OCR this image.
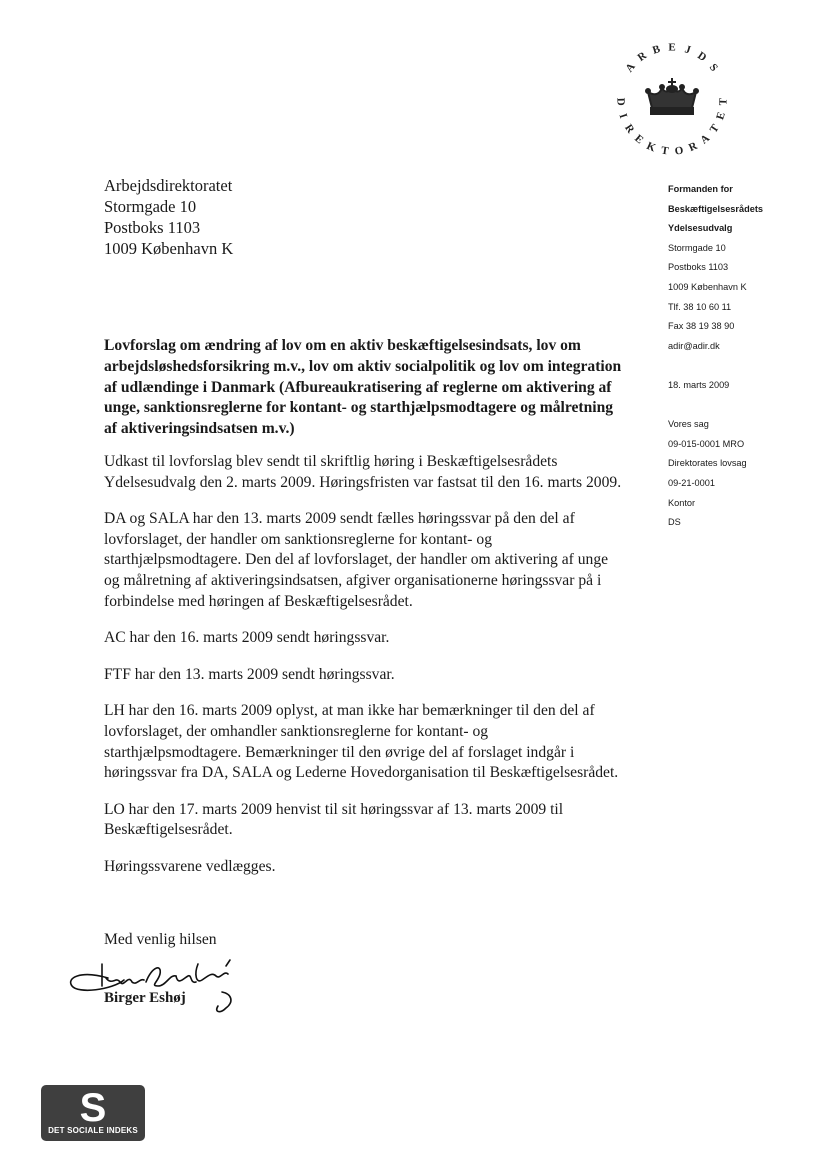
A
R B E J D
S
D
I
R
E
K T O R
A
T
E
T
Arbejdsdirektoratet
Stormgade 10
Postboks 1103
1009 København K
Formanden for
Beskæftigelsesrådets
Ydelsesudvalg
Stormgade 10
Postboks 1103
1009 København K
Tlf. 38 10 60 11
Fax 38 19 38 90
adir@adir.dk
18. marts 2009
Vores sag
09-015-0001 MRO
Direktorates lovsag
09-21-0001
Kontor
DS
Lovforslag om ændring af lov om en aktiv beskæftigelsesindsats, lov om arbejdsløshedsforsikring m.v., lov om aktiv socialpolitik og lov om integration af udlændinge i Danmark (Afbureaukratisering af reglerne om aktivering af unge, sanktionsreglerne for kontant- og starthjælpsmodtagere og målretning af aktiveringsindsatsen m.v.)

Udkast til lovforslag blev sendt til skriftlig høring i Beskæftigelsesrådets Ydelsesudvalg den 2. marts 2009. Høringsfristen var fastsat til den 16. marts 2009.

DA og SALA har den 13. marts 2009 sendt fælles høringssvar på den del af lovforslaget, der handler om sanktionsreglerne for kontant- og starthjælpsmodtagere. Den del af lovforslaget, der handler om aktivering af unge og målretning af aktiveringsindsatsen, afgiver organisationerne høringssvar på i forbindelse med høringen af Beskæftigelsesrådet.

AC har den 16. marts 2009 sendt høringssvar.

FTF har den 13. marts 2009 sendt høringssvar.

LH har den 16. marts 2009 oplyst, at man ikke har bemærkninger til den del af lovforslaget, der omhandler sanktionsreglerne for kontant- og starthjælpsmodtagere. Bemærkninger til den øvrige del af forslaget indgår i høringssvar fra DA, SALA og Lederne Hovedorganisation til Beskæftigelsesrådet.

LO har den 17. marts 2009 henvist til sit høringssvar af 13. marts 2009 til Beskæftigelsesrådet.

Høringssvarene vedlægges.

Med venlig hilsen
Birger Eshøj
S
DET SOCIALE INDEKS
